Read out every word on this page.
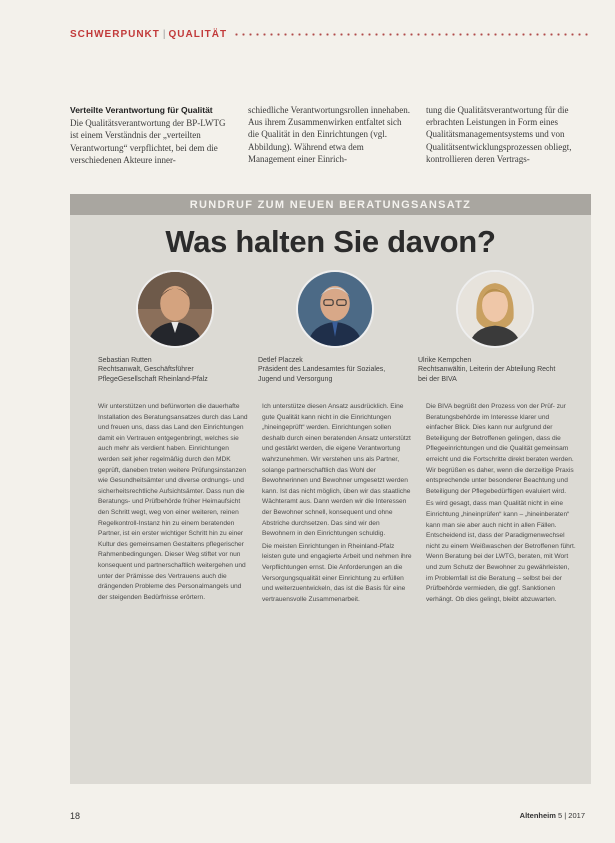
SCHWERPUNKT | QUALITÄT
Verteilte Verantwortung für Qualität
Die Qualitätsverantwortung der BP-LWTG ist einem Verständnis der „verteilten Verantwortung“ verpflichtet, bei dem die verschiedenen Akteure inner-
schiedliche Verantwortungsrollen innehaben. Aus ihrem Zusammenwirken entfaltet sich die Qualität in den Einrichtungen (vgl. Abbildung). Während etwa dem Management einer Einrich-
tung die Qualitätsverantwortung für die erbrachten Leistungen in Form eines Qualitätsmanagementsystems und von Qualitätsentwicklungsprozessen obliegt, kontrollieren deren Vertrags-
RUNDRUF ZUM NEUEN BERATUNGSANSATZ
Was halten Sie davon?
Sebastian Rutten
Rechtsanwalt, Geschäftsführer PflegeGesellschaft Rheinland-Pfalz
Detlef Placzek
Präsident des Landesamtes für Soziales, Jugend und Versorgung
Ulrike Kempchen
Rechtsanwältin, Leiterin der Abteilung Recht bei der BIVA

Wir unterstützen und befürworten die dauerhafte Installation des Beratungsansatzes durch das Land und freuen uns, dass das Land den Einrichtungen damit ein Vertrauen entgegenbringt, welches sie auch mehr als verdient haben. Einrichtungen werden seit jeher regelmäßig durch den MDK geprüft, daneben treten weitere Prüfungsinstanzen wie Gesundheitsämter und diverse ordnungs- und sicherheitsrechtliche Aufsichtsämter. Dass nun die Beratungs- und Prüfbehörde früher Heimaufsicht den Schritt wegt, weg von einer weiteren, reinen Regelkontroll-Instanz hin zu einem beratenden Partner, ist ein erster wichtiger Schritt hin zu einer Kultur des gemeinsamen Gestaltens pflegerischer Rahmenbedingungen. Dieser Weg stiftet vor nun konsequent und partnerschaftlich weitergehen und unter der Prämisse des Vertrauens auch die drängenden Probleme des Personalmangels und der steigenden Bedürfnisse erörtern.

Ich unterstütze diesen Ansatz ausdrücklich. Eine gute Qualität kann nicht in die Einrichtungen „hineingeprüft“ werden. Einrichtungen sollen deshalb durch einen beratenden Ansatz unterstützt und gestärkt werden, die eigene Verantwortung wahrzunehmen. Wir verstehen uns als Partner, solange partnerschaftlich das Wohl der Bewohnerinnen und Bewohner umgesetzt werden kann. Ist das nicht möglich, üben wir das staatliche Wächteramt aus. Dann werden wir die Interessen der Bewohner schnell, konsequent und ohne Abstriche durchsetzen. Das sind wir den Bewohnern in den Einrichtungen schuldig.

Die meisten Einrichtungen in Rheinland-Pfalz leisten gute und engagierte Arbeit und nehmen ihre Verpflichtungen ernst. Die Anforderungen an die Versorgungsqualität einer Einrichtung zu erfüllen und weiterzuentwickeln, das ist die Basis für eine vertrauensvolle Zusammenarbeit.

Die BIVA begrüßt den Prozess von der Prüf- zur Beratungsbehörde im Interesse klarer und einfacher Blick. Dies kann nur aufgrund der Beteiligung der Betroffenen gelingen, dass die Pflegeeinrichtungen und die Qualität gemeinsam erreicht und die Fortschritte direkt beraten werden. Wir begrüßen es daher, wenn die derzeitige Praxis entsprechende unter besonderer Beachtung und Beteiligung der Pflegebedürftigen evaluiert wird.

Es wird gesagt, dass man Qualität nicht in eine Einrichtung „hineinprüfen“ kann – „hineinberaten“ kann man sie aber auch nicht in allen Fällen. Entscheidend ist, dass der Paradigmenwechsel nicht zu einem Weißwaschen der Betroffenen führt. Wenn Beratung bei der LWTG, beraten, mit Wort und zum Schutz der Bewohner zu gewährleisten, im Problemfall ist die Beratung – selbst bei der Prüfbehörde vermieden, die ggf. Sanktionen verhängt. Ob dies gelingt, bleibt abzuwarten.

18	Altenheim 5 | 2017
